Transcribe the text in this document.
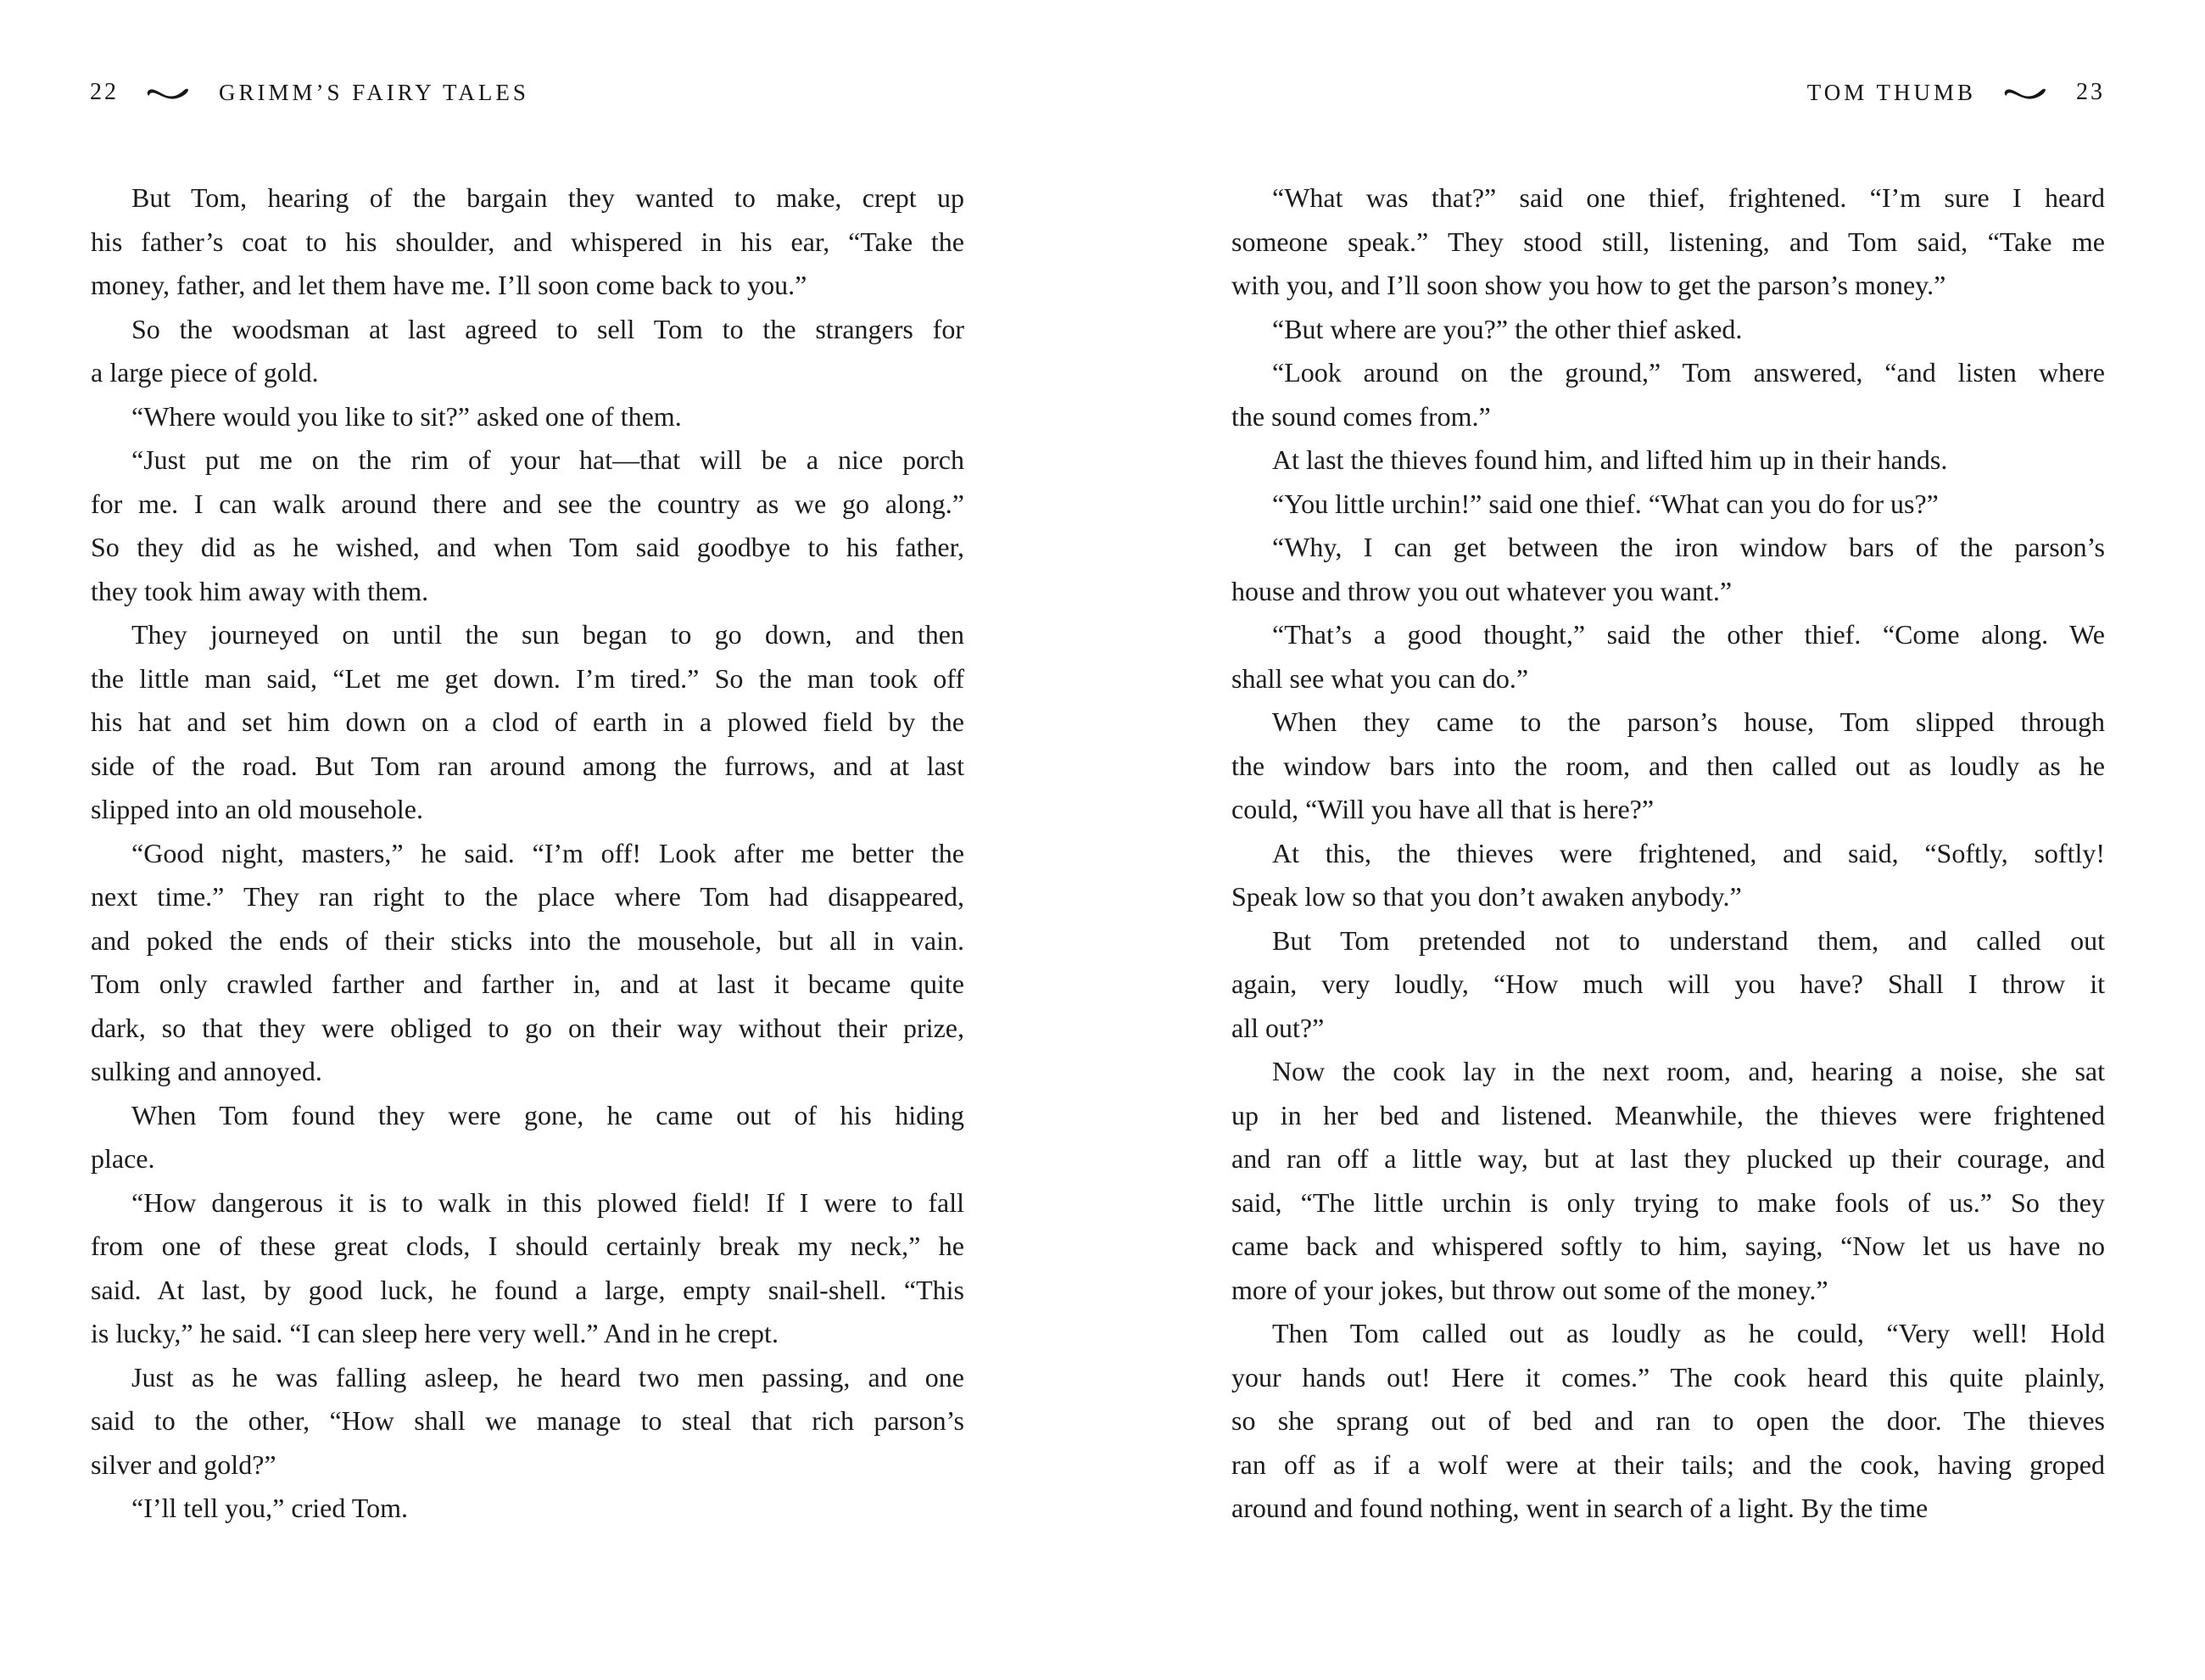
22	GRIMM’S FAIRY TALES	TOM THUMB	23
But Tom, hearing of the bargain they wanted to make, crept up
his father’s coat to his shoulder, and whispered in his ear, “Take the
money, father, and let them have me. I’ll soon come back to you.”
So the woodsman at last agreed to sell Tom to the strangers for
a large piece of gold.
“Where would you like to sit?” asked one of them.
“Just put me on the rim of your hat—that will be a nice porch
for me. I can walk around there and see the country as we go along.”
So they did as he wished, and when Tom said goodbye to his father,
they took him away with them.
They journeyed on until the sun began to go down, and then
the little man said, “Let me get down. I’m tired.” So the man took off
his hat and set him down on a clod of earth in a plowed field by the
side of the road. But Tom ran around among the furrows, and at last
slipped into an old mousehole.
“Good night, masters,” he said. “I’m off! Look after me better the
next time.” They ran right to the place where Tom had disappeared,
and poked the ends of their sticks into the mousehole, but all in vain.
Tom only crawled farther and farther in, and at last it became quite
dark, so that they were obliged to go on their way without their prize,
sulking and annoyed.
When Tom found they were gone, he came out of his hiding
place.
“How dangerous it is to walk in this plowed field! If I were to fall
from one of these great clods, I should certainly break my neck,” he
said. At last, by good luck, he found a large, empty snail-shell. “This
is lucky,” he said. “I can sleep here very well.” And in he crept.
Just as he was falling asleep, he heard two men passing, and one
said to the other, “How shall we manage to steal that rich parson’s
silver and gold?”
“I’ll tell you,” cried Tom.
“What was that?” said one thief, frightened. “I’m sure I heard
someone speak.” They stood still, listening, and Tom said, “Take me
with you, and I’ll soon show you how to get the parson’s money.”
“But where are you?” the other thief asked.
“Look around on the ground,” Tom answered, “and listen where
the sound comes from.”
At last the thieves found him, and lifted him up in their hands.
“You little urchin!” said one thief. “What can you do for us?”
“Why, I can get between the iron window bars of the parson’s
house and throw you out whatever you want.”
“That’s a good thought,” said the other thief. “Come along. We
shall see what you can do.”
When they came to the parson’s house, Tom slipped through
the window bars into the room, and then called out as loudly as he
could, “Will you have all that is here?”
At this, the thieves were frightened, and said, “Softly, softly!
Speak low so that you don’t awaken anybody.”
But Tom pretended not to understand them, and called out
again, very loudly, “How much will you have? Shall I throw it
all out?”
Now the cook lay in the next room, and, hearing a noise, she sat
up in her bed and listened. Meanwhile, the thieves were frightened
and ran off a little way, but at last they plucked up their courage, and
said, “The little urchin is only trying to make fools of us.” So they
came back and whispered softly to him, saying, “Now let us have no
more of your jokes, but throw out some of the money.”
Then Tom called out as loudly as he could, “Very well! Hold
your hands out! Here it comes.” The cook heard this quite plainly,
so she sprang out of bed and ran to open the door. The thieves
ran off as if a wolf were at their tails; and the cook, having groped
around and found nothing, went in search of a light. By the time
